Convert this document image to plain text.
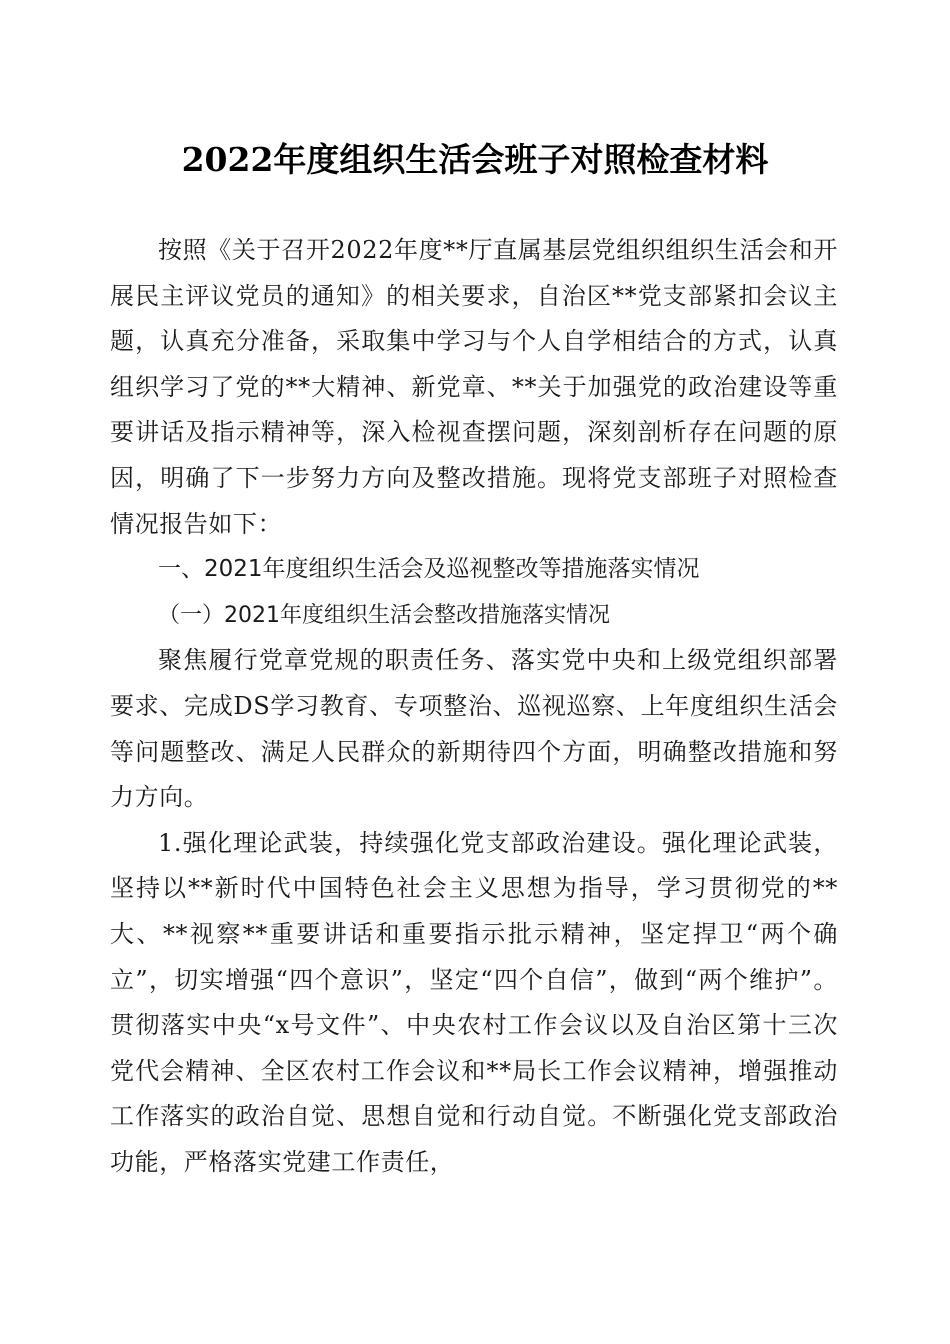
2022年度组织生活会班子对照检查材料

按照《关于召开2022年度**厅直属基层党组织组织生活会和开展民主评议党员的通知》的相关要求，自治区**党支部紧扣会议主题，认真充分准备，采取集中学习与个人自学相结合的方式，认真组织学习了党的**大精神、新党章、**关于加强党的政治建设等重要讲话及指示精神等，深入检视查摆问题，深刻剖析存在问题的原因，明确了下一步努力方向及整改措施。现将党支部班子对照检查情况报告如下：

一、2021年度组织生活会及巡视整改等措施落实情况

（一）2021年度组织生活会整改措施落实情况

聚焦履行党章党规的职责任务、落实党中央和上级党组织部署要求、完成DS学习教育、专项整治、巡视巡察、上年度组织生活会等问题整改、满足人民群众的新期待四个方面，明确整改措施和努力方向。

1.强化理论武装，持续强化党支部政治建设。强化理论武装，坚持以**新时代中国特色社会主义思想为指导，学习贯彻党的**大、**视察**重要讲话和重要指示批示精神，坚定捍卫“两个确立”，切实增强“四个意识”，坚定“四个自信”，做到“两个维护”。贯彻落实中央“x号文件”、中央农村工作会议以及自治区第十三次党代会精神、全区农村工作会议和**局长工作会议精神，增强推动工作落实的政治自觉、思想自觉和行动自觉。不断强化党支部政治功能，严格落实党建工作责任，
